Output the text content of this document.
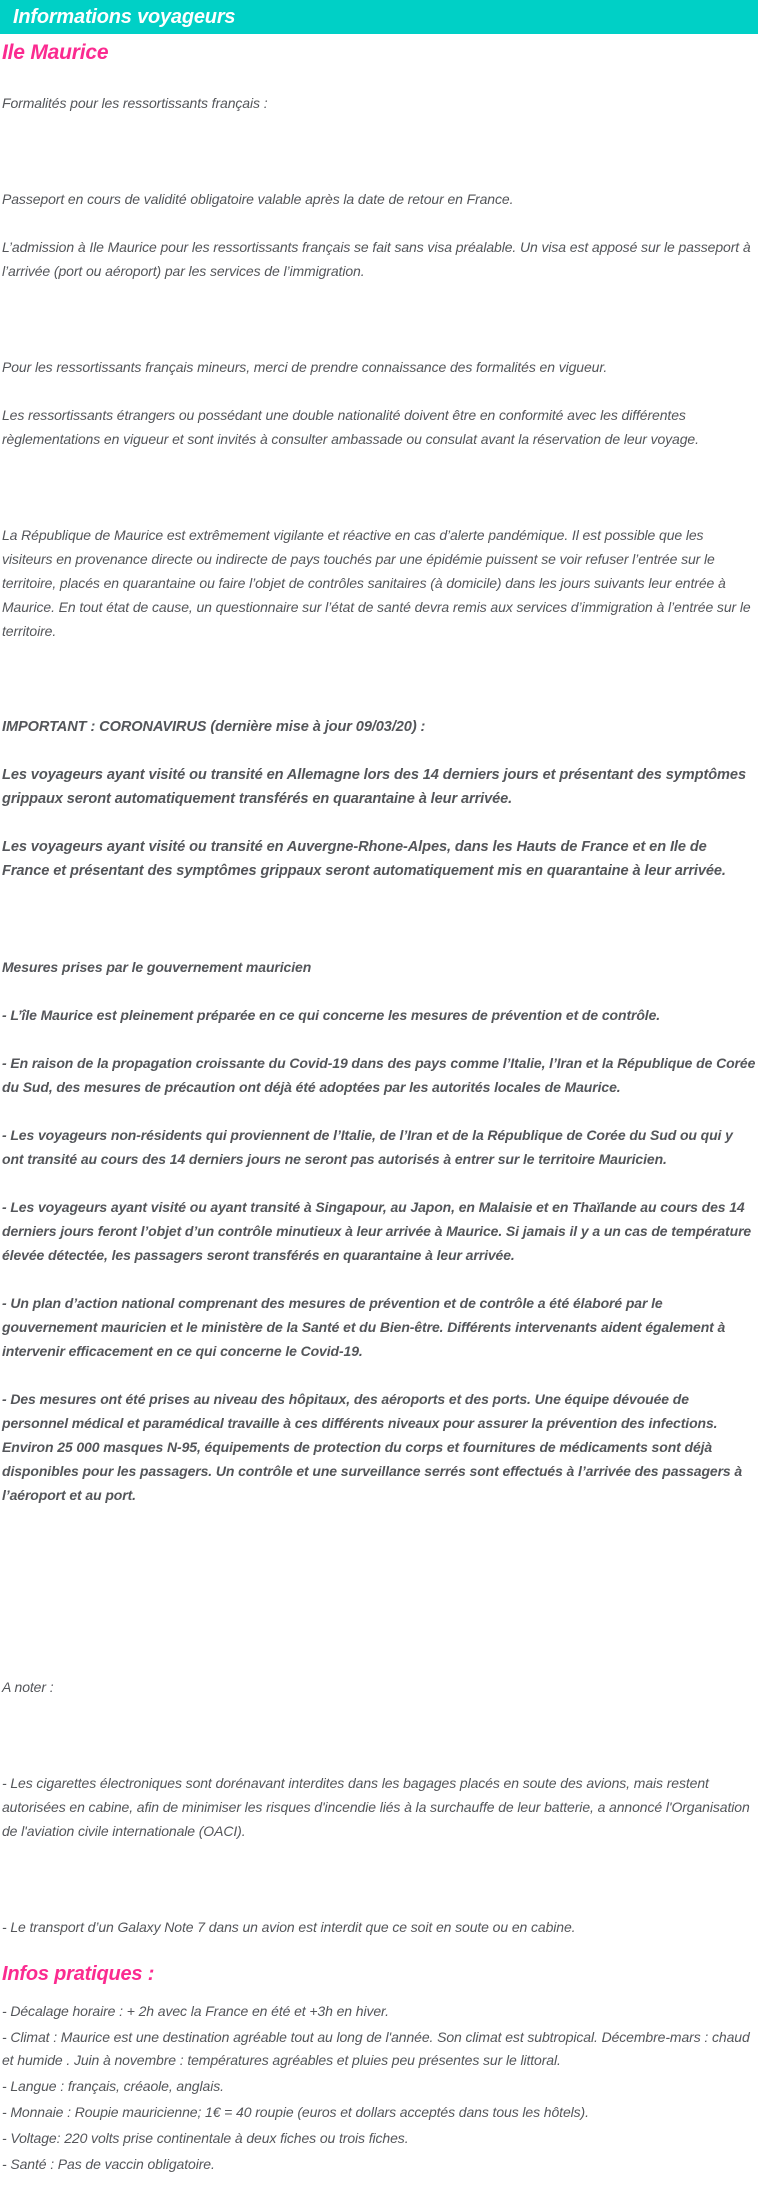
Informations voyageurs
Ile Maurice

Formalités pour les ressortissants français :

Passeport en cours de validité obligatoire valable après la date de retour en France.

L’admission à Ile Maurice pour les ressortissants français se fait sans visa préalable. Un visa est apposé sur le passeport à l’arrivée (port ou aéroport) par les services de l’immigration.

Pour les ressortissants français mineurs, merci de prendre connaissance des formalités en vigueur.

Les ressortissants étrangers ou possédant une double nationalité doivent être en conformité avec les différentes règlementations en vigueur et sont invités à consulter ambassade ou consulat avant la réservation de leur voyage.

La République de Maurice est extrêmement vigilante et réactive en cas d’alerte pandémique. Il est possible que les visiteurs en provenance directe ou indirecte de pays touchés par une épidémie puissent se voir refuser l’entrée sur le territoire, placés en quarantaine ou faire l’objet de contrôles sanitaires (à domicile) dans les jours suivants leur entrée à Maurice. En tout état de cause, un questionnaire sur l’état de santé devra remis aux services d’immigration à l’entrée sur le territoire.

IMPORTANT : CORONAVIRUS (dernière mise à jour 09/03/20) :

Les voyageurs ayant visité ou transité en Allemagne lors des 14 derniers jours et présentant des symptômes grippaux seront automatiquement transférés en quarantaine à leur arrivée.

Les voyageurs ayant visité ou transité en Auvergne-Rhone-Alpes, dans les Hauts de France et en Ile de France et présentant des symptômes grippaux seront automatiquement mis en quarantaine à leur arrivée.

Mesures prises par le gouvernement mauricien

- L’île Maurice est pleinement préparée en ce qui concerne les mesures de prévention et de contrôle.

- En raison de la propagation croissante du Covid-19 dans des pays comme l’Italie, l’Iran et la République de Corée du Sud, des mesures de précaution ont déjà été adoptées par les autorités locales de Maurice.

- Les voyageurs non-résidents qui proviennent de l’Italie, de l’Iran et de la République de Corée du Sud ou qui y ont transité au cours des 14 derniers jours ne seront pas autorisés à entrer sur le territoire Mauricien.

- Les voyageurs ayant visité ou ayant transité à Singapour, au Japon, en Malaisie et en Thaïlande au cours des 14 derniers jours feront l’objet d’un contrôle minutieux à leur arrivée à Maurice. Si jamais il y a un cas de température élevée détectée, les passagers seront transférés en quarantaine à leur arrivée.

- Un plan d’action national comprenant des mesures de prévention et de contrôle a été élaboré par le gouvernement mauricien et le ministère de la Santé et du Bien-être. Différents intervenants aident également à intervenir efficacement en ce qui concerne le Covid-19.

- Des mesures ont été prises au niveau des hôpitaux, des aéroports et des ports. Une équipe dévouée de personnel médical et paramédical travaille à ces différents niveaux pour assurer la prévention des infections. Environ 25 000 masques N-95, équipements de protection du corps et fournitures de médicaments sont déjà disponibles pour les passagers. Un contrôle et une surveillance serrés sont effectués à l’arrivée des passagers à l’aéroport et au port.

A noter :

- Les cigarettes électroniques sont dorénavant interdites dans les bagages placés en soute des avions, mais restent autorisées en cabine, afin de minimiser les risques d'incendie liés à la surchauffe de leur batterie, a annoncé l'Organisation de l'aviation civile internationale (OACI).

- Le transport d’un Galaxy Note 7 dans un avion est interdit que ce soit en soute ou en cabine.

Infos pratiques :

- Décalage horaire : + 2h avec la France en été et +3h en hiver.

- Climat : Maurice est une destination agréable tout au long de l'année. Son climat est subtropical. Décembre-mars : chaud et humide . Juin à novembre : températures agréables et pluies peu présentes sur le littoral.

- Langue : français, créaole, anglais.

- Monnaie : Roupie mauricienne; 1€ = 40 roupie (euros et dollars acceptés dans tous les hôtels).

- Voltage: 220 volts prise continentale à deux fiches ou trois fiches.

- Santé : Pas de vaccin obligatoire.
